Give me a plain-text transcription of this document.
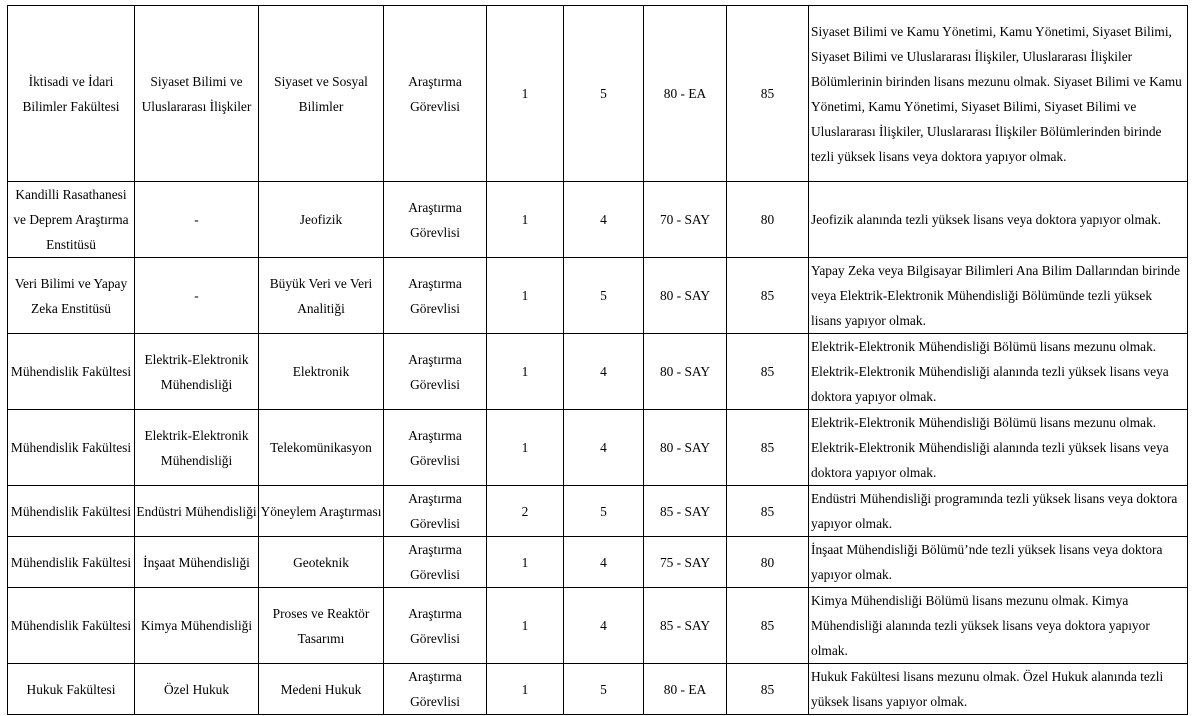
İktisadi ve İdari Bilimler Fakültesi	Siyaset Bilimi ve Uluslararası İlişkiler	Siyaset ve Sosyal Bilimler	Araştırma Görevlisi	1	5	80 - EA	85	Siyaset Bilimi ve Kamu Yönetimi, Kamu Yönetimi, Siyaset Bilimi, Siyaset Bilimi ve Uluslararası İlişkiler, Uluslararası İlişkiler Bölümlerinin birinden lisans mezunu olmak. Siyaset Bilimi ve Kamu Yönetimi, Kamu Yönetimi, Siyaset Bilimi, Siyaset Bilimi ve Uluslararası İlişkiler, Uluslararası İlişkiler Bölümlerinden birinde tezli yüksek lisans veya doktora yapıyor olmak.

Kandilli Rasathanesi ve Deprem Araştırma Enstitüsü	-	Jeofizik	Araştırma Görevlisi	1	4	70 - SAY	80	Jeofizik alanında tezli yüksek lisans veya doktora yapıyor olmak.

Veri Bilimi ve Yapay Zeka Enstitüsü	-	Büyük Veri ve Veri Analitiği	Araştırma Görevlisi	1	5	80 - SAY	85	Yapay Zeka veya Bilgisayar Bilimleri Ana Bilim Dallarından birinde veya Elektrik-Elektronik Mühendisliği Bölümünde tezli yüksek lisans yapıyor olmak.

Mühendislik Fakültesi	Elektrik-Elektronik Mühendisliği	Elektronik	Araştırma Görevlisi	1	4	80 - SAY	85	Elektrik-Elektronik Mühendisliği Bölümü lisans mezunu olmak. Elektrik-Elektronik Mühendisliği alanında tezli yüksek lisans veya doktora yapıyor olmak.

Mühendislik Fakültesi	Elektrik-Elektronik Mühendisliği	Telekomünikasyon	Araştırma Görevlisi	1	4	80 - SAY	85	Elektrik-Elektronik Mühendisliği Bölümü lisans mezunu olmak. Elektrik-Elektronik Mühendisliği alanında tezli yüksek lisans veya doktora yapıyor olmak.

Mühendislik Fakültesi	Endüstri Mühendisliği	Yöneylem Araştırması	Araştırma Görevlisi	2	5	85 - SAY	85	Endüstri Mühendisliği programında tezli yüksek lisans veya doktora yapıyor olmak.

Mühendislik Fakültesi	İnşaat Mühendisliği	Geoteknik	Araştırma Görevlisi	1	4	75 - SAY	80	İnşaat Mühendisliği Bölümü’nde tezli yüksek lisans veya doktora yapıyor olmak.

Mühendislik Fakültesi	Kimya Mühendisliği	Proses ve Reaktör Tasarımı	Araştırma Görevlisi	1	4	85 - SAY	85	Kimya Mühendisliği Bölümü lisans mezunu olmak. Kimya Mühendisliği alanında tezli yüksek lisans veya doktora yapıyor olmak.

Hukuk Fakültesi	Özel Hukuk	Medeni Hukuk	Araştırma Görevlisi	1	5	80 - EA	85	Hukuk Fakültesi lisans mezunu olmak. Özel Hukuk alanında tezli yüksek lisans yapıyor olmak.
